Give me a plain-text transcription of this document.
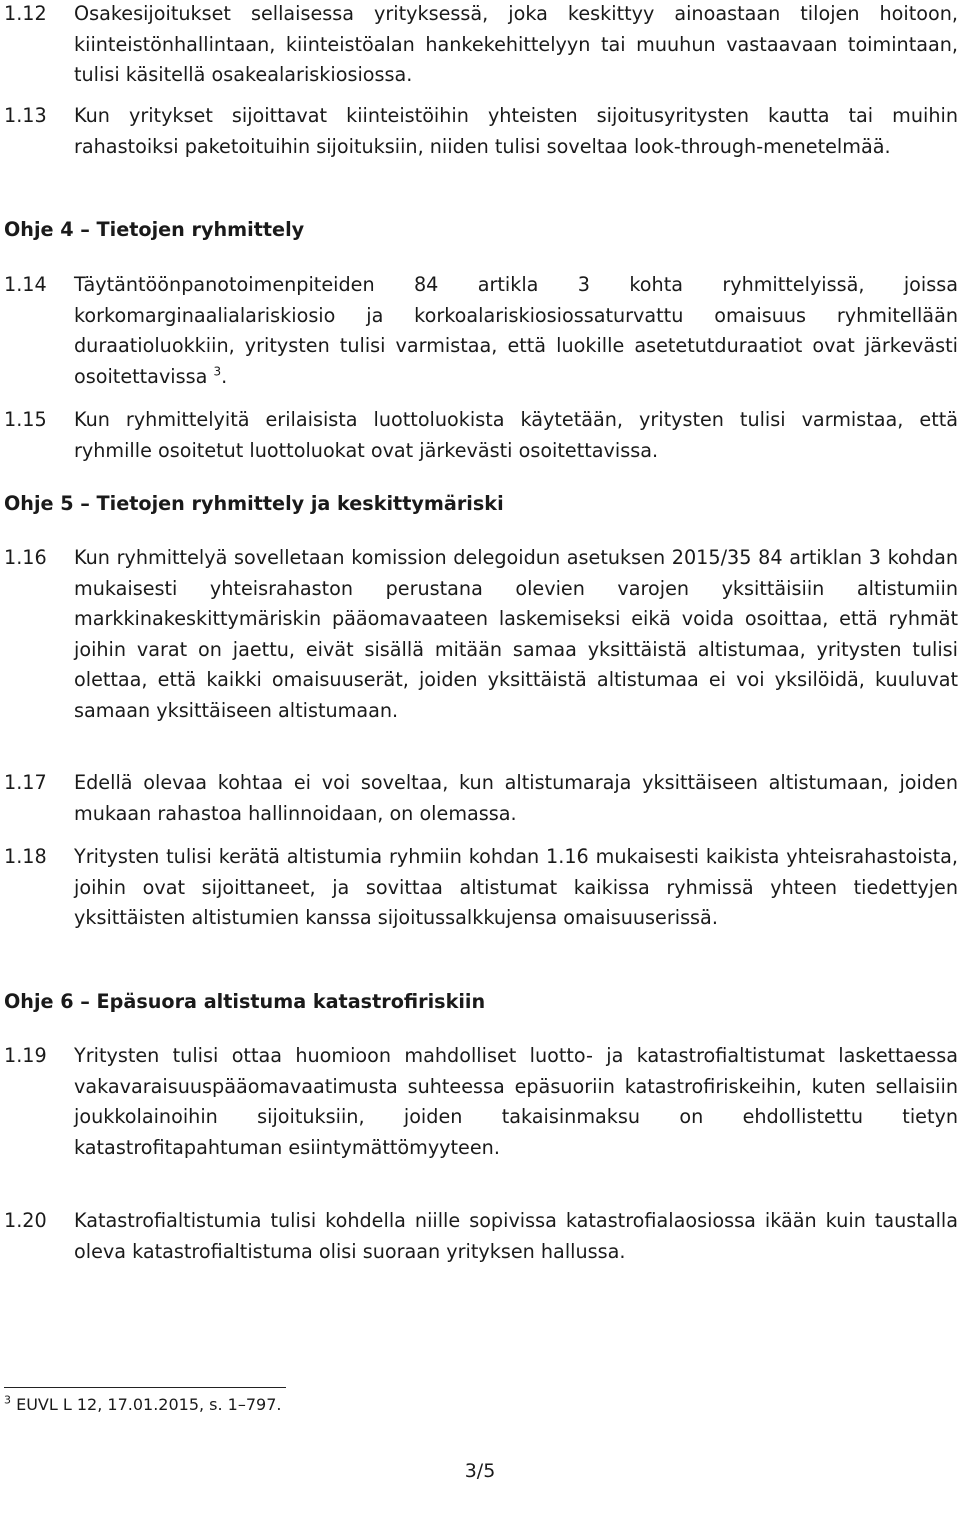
1.12 Osakesijoitukset sellaisessa yrityksessä, joka keskittyy ainoastaan tilojen hoitoon, kiinteistönhallintaan, kiinteistöalan hankekehittelyyn tai muuhun vastaavaan toimintaan, tulisi käsitellä osakealariskiosiossa.
1.13 Kun yritykset sijoittavat kiinteistöihin yhteisten sijoitusyritysten kautta tai muihin rahastoiksi paketoituihin sijoituksiin, niiden tulisi soveltaa look-through-menetelmää.
Ohje 4 – Tietojen ryhmittely
1.14 Täytäntöönpanotoimenpiteiden 84 artikla 3 kohta ryhmittelyissä, joissa korkomarginaalialariskiosio ja korkoalariskiosiossaturvattu omaisuus ryhmitellään duraatioluokkiin, yritysten tulisi varmistaa, että luokille asetetutduraatiot ovat järkevästi osoitettavissa $^3$.
1.15 Kun ryhmittelyitä erilaisista luottoluokista käytetään, yritysten tulisi varmistaa, että ryhmille osoitetut luottoluokat ovat järkevästi osoitettavissa.
Ohje 5 – Tietojen ryhmittely ja keskittymäriski
1.16 Kun ryhmittelyä sovelletaan komission delegoidun asetuksen 2015/35 84 artiklan 3 kohdan mukaisesti yhteisrahaston perustana olevien varojen yksittäisiin altistumiin markkinakeskittymäriskin pääomavaateen laskemiseksi eikä voida osoittaa, että ryhmät joihin varat on jaettu, eivät sisällä mitään samaa yksittäistä altistumaa, yritysten tulisi olettaa, että kaikki omaisuuserät, joiden yksittäistä altistumaa ei voi yksilöidä, kuuluvat samaan yksittäiseen altistumaan.
1.17 Edellä olevaa kohtaa ei voi soveltaa, kun altistumaraja yksittäiseen altistumaan, joiden mukaan rahastoa hallinnoidaan, on olemassa.
1.18 Yritysten tulisi kerätä altistumia ryhmiin kohdan 1.16 mukaisesti kaikista yhteisrahastoista, joihin ovat sijoittaneet, ja sovittaa altistumat kaikissa ryhmissä yhteen tiedettyjen yksittäisten altistumien kanssa sijoitussalkkujensa omaisuuserissä.
Ohje 6 – Epäsuora altistuma katastrofiriskiin
1.19 Yritysten tulisi ottaa huomioon mahdolliset luotto- ja katastrofialtistumat laskettaessa vakavaraisuuspääomavaatimusta suhteessa epäsuoriin katastrofiriskeihin, kuten sellaisiin joukkolainoihin sijoituksiin, joiden takaisinmaksu on ehdollistettu tietyn katastrofitapahtuman esiintymättömyyteen.
1.20 Katastrofialtistumia tulisi kohdella niille sopivissa katastrofialaosiossa ikään kuin taustalla oleva katastrofialtistuma olisi suoraan yrityksen hallussa.
$^3$ EUVL L 12, 17.01.2015, s. 1–797.
3/5
